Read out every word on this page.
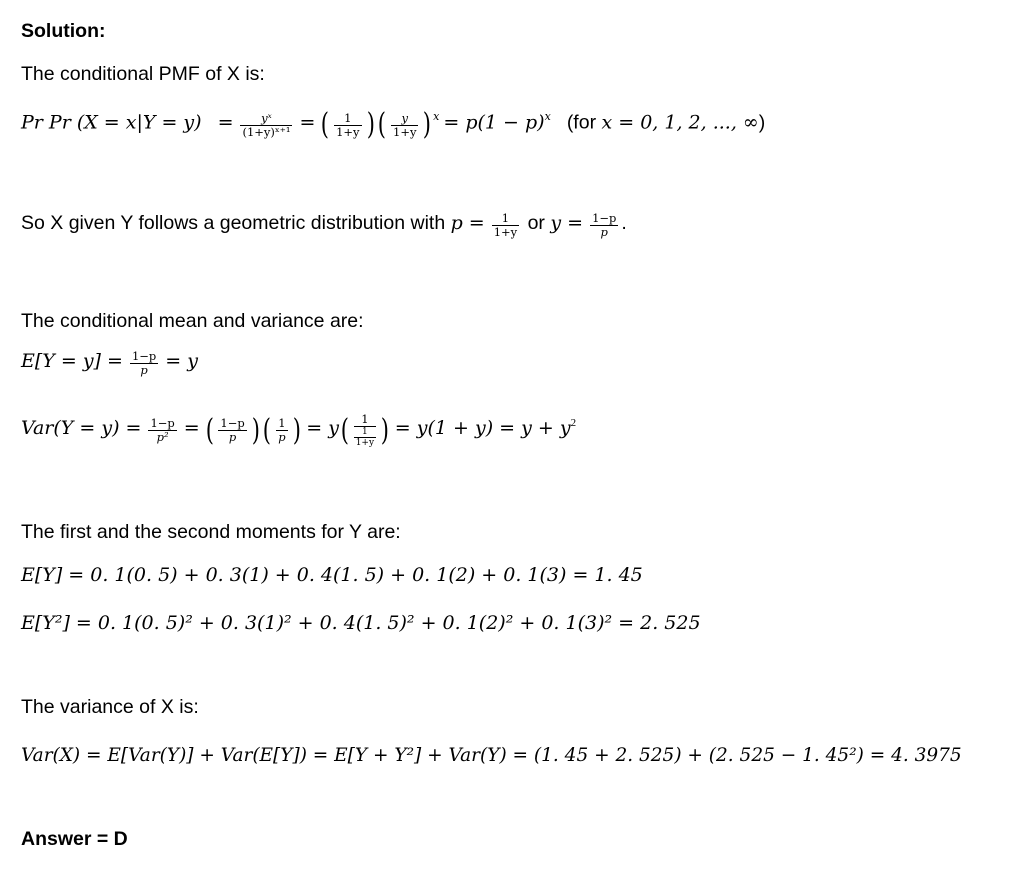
Solution:
The conditional PMF of X is:
Pr Pr $(X = x|Y = y) = \frac{\text{yˣ}}{\text{(1+y)ˣ⁺¹}}$ = ( $\frac{1}{1+y}$ ) ( $\frac{y}{1+y}$ ) $^x = p(1 - p)^x$ (for x = 0, 1, 2, ..., ∞)
So X given Y follows a geometric distribution with $p = \frac{1}{1+y}$ or $y = \frac{1-p}{p}$ .
The conditional mean and variance are:
$E[Y = y] = \frac{1-p}{p} = y$
$Var(Y = y) = \frac{1-p}{\text{p²}}$ = ( $\frac{1-p}{p}$ ) ( $\frac{1}{p}$ ) = $y( \frac{1}{\frac{1}{1+y}}$ ) = $y(1 + y) = y + y^2$
The first and the second moments for Y are:
E[Y] = 0. 1(0. 5) + 0. 3(1) + 0. 4(1. 5) + 0. 1(2) + 0. 1(3) = 1. 45
E[Y²] = 0. 1(0. 5)² + 0. 3(1)² + 0. 4(1. 5)² + 0. 1(2)² + 0. 1(3)² = 2. 525
The variance of X is:
Var(X) = E[Var(Y)] + Var(E[Y]) = E[Y + Y²] + Var(Y) = (1. 45 + 2. 525) + (2. 525 − 1. 45²) = 4. 3975
Answer = D
